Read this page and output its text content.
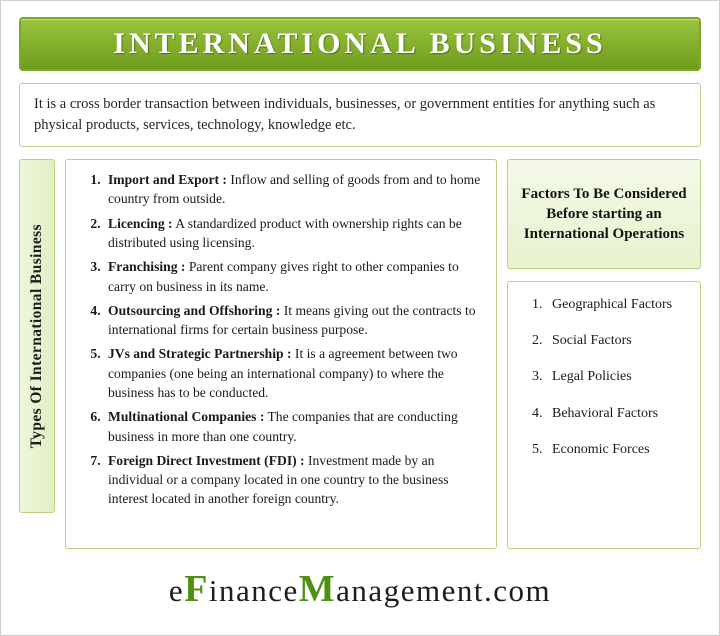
INTERNATIONAL BUSINESS
It is a cross border transaction between individuals, businesses, or government entities for anything such as physical products, services, technology, knowledge etc.
Types Of International Business
1. Import and Export : Inflow and selling of goods from and to home country from outside.
2. Licencing : A standardized product with ownership rights can be distributed using licensing.
3. Franchising : Parent company gives right to other companies to carry on business in its name.
4. Outsourcing and Offshoring : It means giving out the contracts to international firms for certain business purpose.
5. JVs and Strategic Partnership : It is a agreement between two companies (one being an international company) to where the business has to be conducted.
6. Multinational Companies : The companies that are conducting business in more than one country.
7. Foreign Direct Investment (FDI) : Investment made by an individual or a company located in one country to the business interest located in another foreign country.
Factors To Be Considered Before starting an International Operations
1. Geographical Factors
2. Social Factors
3. Legal Policies
4. Behavioral Factors
5. Economic Forces
eFinanceManagement.com
